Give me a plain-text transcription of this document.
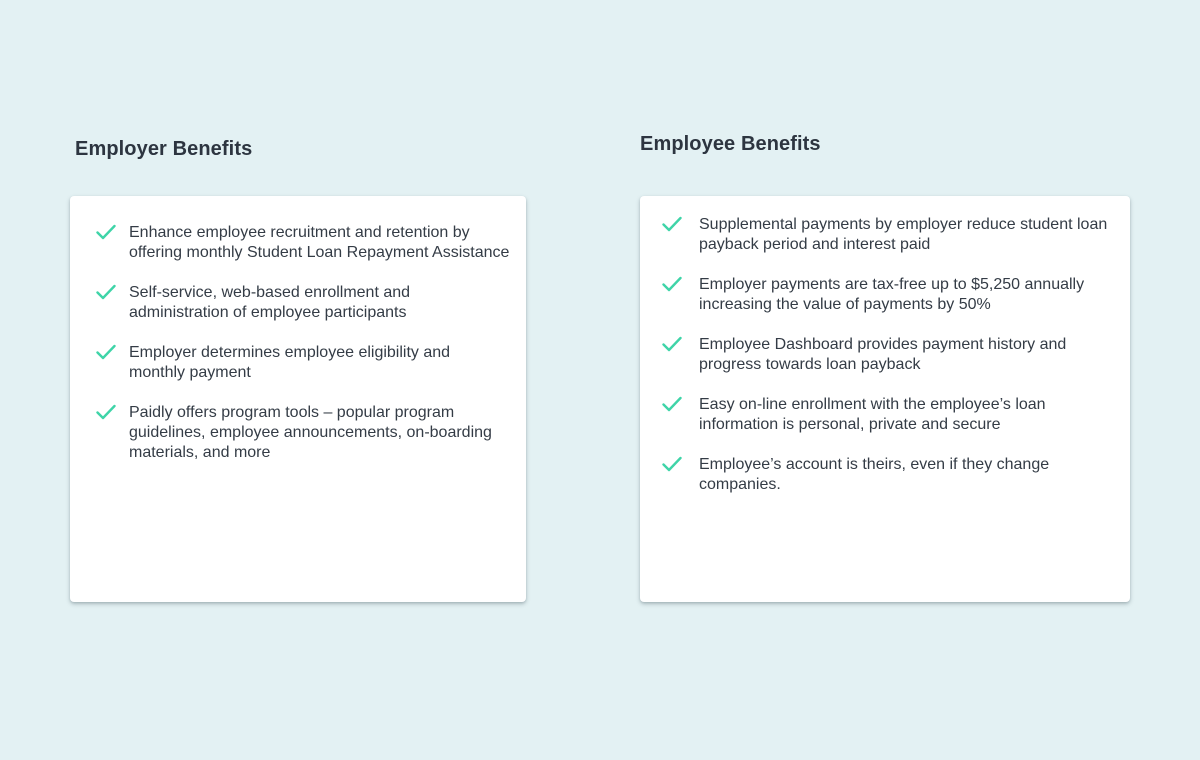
Employer Benefits	Employee Benefits
Enhance employee recruitment and retention by offering monthly Student Loan Repayment Assistance
Self-service, web-based enrollment and administration of employee participants
Employer determines employee eligibility and monthly payment
Paidly offers program tools – popular program guidelines, employee announcements, on-boarding materials, and more
Supplemental payments by employer reduce student loan payback period and interest paid
Employer payments are tax-free up to $5,250 annually increasing the value of payments by 50%
Employee Dashboard provides payment history and progress towards loan payback
Easy on-line enrollment with the employee’s loan information is personal, private and secure
Employee’s account is theirs, even if they change companies.
